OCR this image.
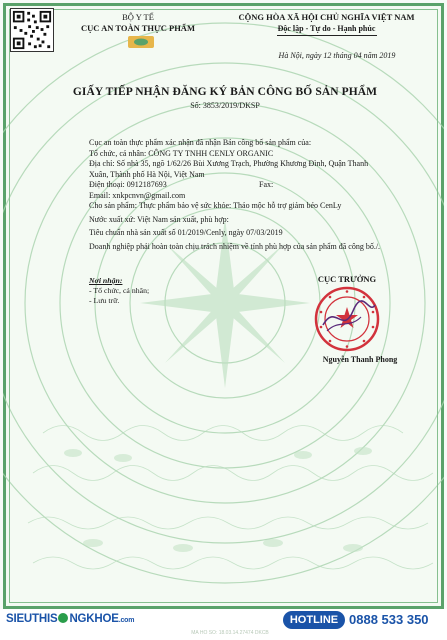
BỘ Y TẾ
CỤC AN TOÀN THỰC PHẨM
CỘNG HÒA XÃ HỘI CHỦ NGHĨA VIỆT NAM
Độc lập - Tự do - Hạnh phúc
Hà Nội, ngày 12 tháng 04 năm 2019
GIẤY TIẾP NHẬN ĐĂNG KÝ BẢN CÔNG BỐ SẢN PHẨM
Số: 3853/2019/DKSP
Cục an toàn thực phẩm xác nhận đã nhận Bản công bố sản phẩm của:
Tổ chức, cá nhân: CÔNG TY TNHH CENLY ORGANIC
Địa chỉ: Số nhà 35, ngõ 1/62/26 Bùi Xương Trạch, Phường Khương Đình, Quận Thanh
Xuân, Thành phố Hà Nội, Việt Nam
Điện thoại: 0912187693	Fax:
Email: xnkpcnvn@gmail.com
Cho sản phẩm: Thực phẩm bảo vệ sức khỏe: Thảo mộc hỗ trợ giảm béo CenLy
Nước xuất xứ: Việt Nam sản xuất, phù hợp:
Tiêu chuẩn nhà sản xuất số 01/2019/Cenly, ngày 07/03/2019
Doanh nghiệp phải hoàn toàn chịu trách nhiệm về tính phù hợp của sản phẩm đã công bố./.
Nơi nhận:
- Tổ chức, cá nhân;
- Lưu trữ.
CỤC TRƯỞNG
Nguyễn Thanh Phong
SIEUTHIS NGKHOE.com	HOTLINE 0888 533 350
MA HO SO: 18.03.14.27474 DKCB
